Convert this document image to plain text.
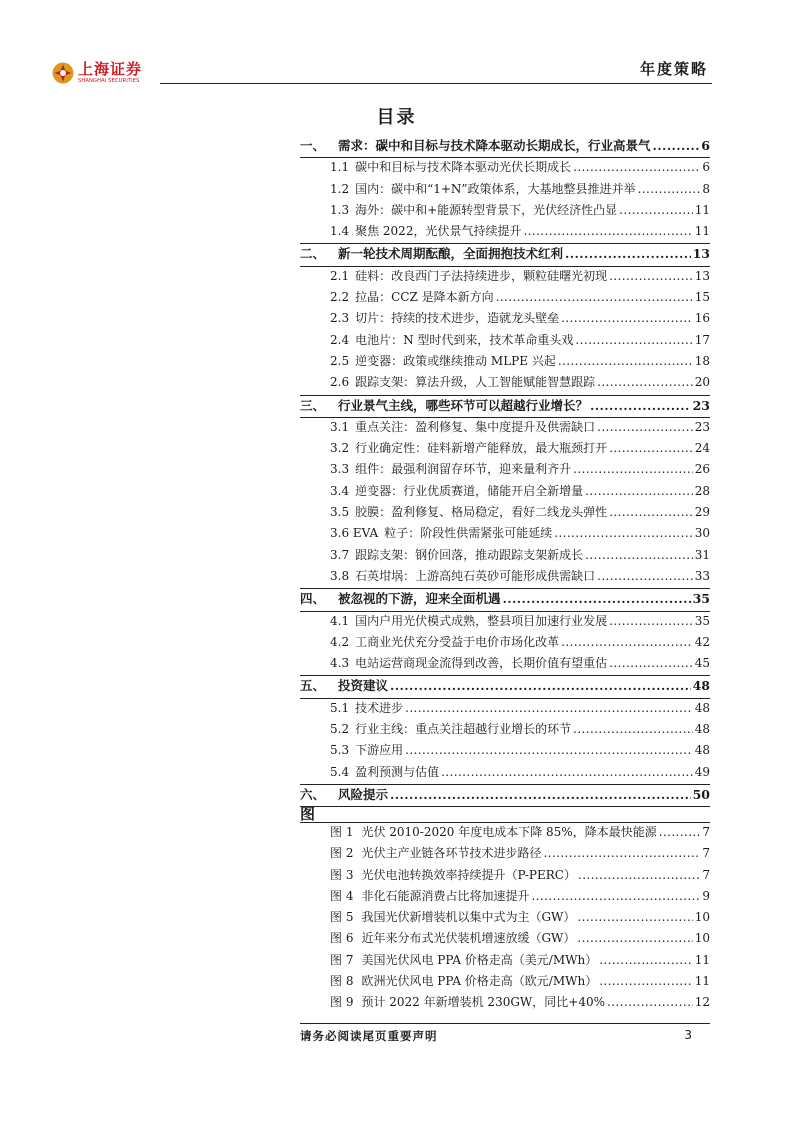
上海证券
SHANGHAI SECURITIES
年度策略
目录
一、	需求：碳中和目标与技术降本驱动长期成长，行业高景气 .....	6
1.1 碳中和目标与技术降本驱动光伏长期成长 .....	6
1.2 国内：碳中和“1+N”政策体系，大基地整县推进并举 .....	8
1.3 海外：碳中和+能源转型背景下，光伏经济性凸显 .....	11
1.4 聚焦 2022，光伏景气持续提升 .....	11
二、	新一轮技术周期酝酿，全面拥抱技术红利 .....	13
2.1 硅料：改良西门子法持续进步，颗粒硅曙光初现 .....	13
2.2 拉晶：CCZ 是降本新方向 .....	15
2.3 切片：持续的技术进步，造就龙头壁垒 .....	16
2.4 电池片：N 型时代到来，技术革命重头戏 .....	17
2.5 逆变器：政策或继续推动 MLPE 兴起 .....	18
2.6 跟踪支架：算法升级，人工智能赋能智慧跟踪 .....	20
三、	行业景气主线，哪些环节可以超越行业增长？ .....	23
3.1 重点关注：盈利修复、集中度提升及供需缺口 .....	23
3.2 行业确定性：硅料新增产能释放，最大瓶颈打开 .....	24
3.3 组件：最强利润留存环节，迎来量利齐升 .....	26
3.4 逆变器：行业优质赛道，储能开启全新增量 .....	28
3.5 胶膜：盈利修复、格局稳定，看好二线龙头弹性 .....	29
3.6 EVA 粒子：阶段性供需紧张可能延续 .....	30
3.7 跟踪支架：钢价回落，推动跟踪支架新成长 .....	31
3.8 石英坩埚：上游高纯石英砂可能形成供需缺口 .....	33
四、	被忽视的下游，迎来全面机遇 .....	35
4.1 国内户用光伏模式成熟，整县项目加速行业发展 .....	35
4.2 工商业光伏充分受益于电价市场化改革 .....	42
4.3 电站运营商现金流得到改善，长期价值有望重估 .....	45
五、	投资建议 .....	48
5.1 技术进步 .....	48
5.2 行业主线：重点关注超越行业增长的环节 .....	48
5.3 下游应用 .....	48
5.4 盈利预测与估值 .....	49
六、	风险提示 .....	50
图
图 1 光伏 2010-2020 年度电成本下降 85%，降本最快能源 .....	7
图 2 光伏主产业链各环节技术进步路径 .....	7
图 3 光伏电池转换效率持续提升（P-PERC） .....	7
图 4 非化石能源消费占比将加速提升 .....	9
图 5 我国光伏新增装机以集中式为主（GW） .....	10
图 6 近年来分布式光伏装机增速放缓（GW） .....	10
图 7 美国光伏风电 PPA 价格走高（美元/MWh） .....	11
图 8 欧洲光伏风电 PPA 价格走高（欧元/MWh） .....	11
图 9 预计 2022 年新增装机 230GW，同比+40% .....	12
请务必阅读尾页重要声明	3
